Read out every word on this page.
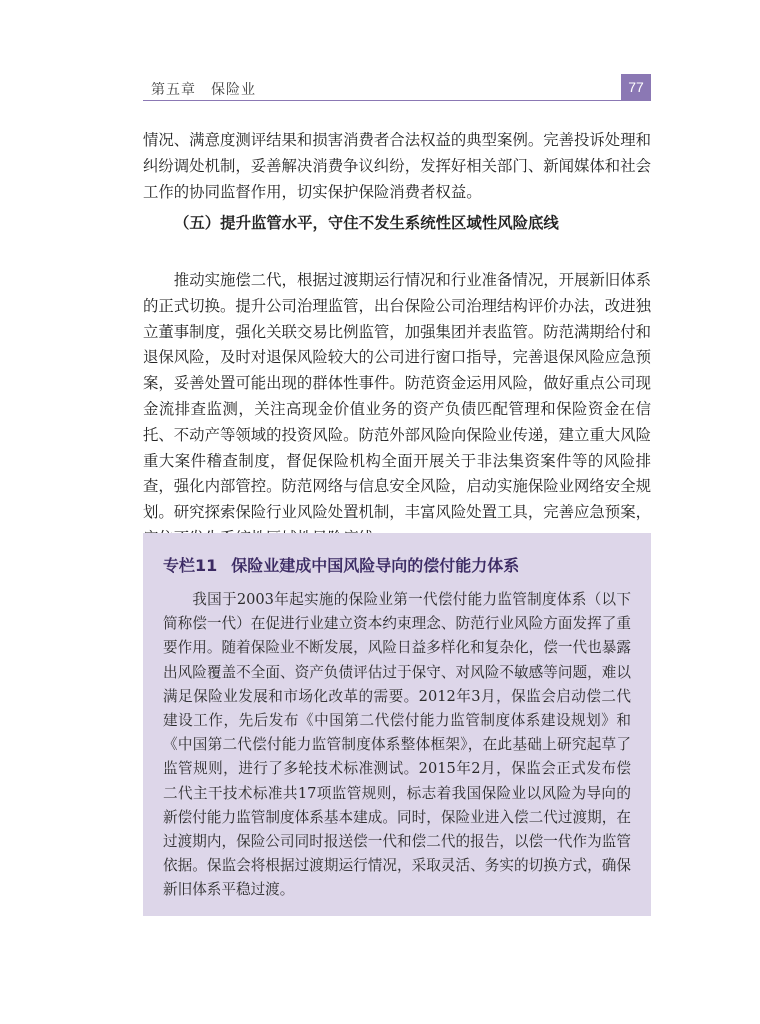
第五章　保险业	77

情况、满意度测评结果和损害消费者合法权益的典型案例。完善投诉处理和纠纷调处机制，妥善解决消费争议纠纷，发挥好相关部门、新闻媒体和社会工作的协同监督作用，切实保护保险消费者权益。

（五）提升监管水平，守住不发生系统性区域性风险底线

推动实施偿二代，根据过渡期运行情况和行业准备情况，开展新旧体系的正式切换。提升公司治理监管，出台保险公司治理结构评价办法，改进独立董事制度，强化关联交易比例监管，加强集团并表监管。防范满期给付和退保风险，及时对退保风险较大的公司进行窗口指导，完善退保风险应急预案，妥善处置可能出现的群体性事件。防范资金运用风险，做好重点公司现金流排查监测，关注高现金价值业务的资产负债匹配管理和保险资金在信托、不动产等领域的投资风险。防范外部风险向保险业传递，建立重大风险重大案件稽查制度，督促保险机构全面开展关于非法集资案件等的风险排查，强化内部管控。防范网络与信息安全风险，启动实施保险业网络安全规划。研究探索保险行业风险处置机制，丰富风险处置工具，完善应急预案，

专栏11 保险业建成中国风险导向的偿付能力体系

我国于2003年起实施的保险业第一代偿付能力监管制度体系（以下简称偿一代）在促进行业建立资本约束理念、防范行业风险方面发挥了重要作用。随着保险业不断发展，风险日益多样化和复杂化，偿一代也暴露出风险覆盖不全面、资产负债评估过于保守、对风险不敏感等问题，难以满足保险业发展和市场化改革的需要。2012年3月，保监会启动偿二代建设工作，先后发布《中国第二代偿付能力监管制度体系建设规划》和《中国第二代偿付能力监管制度体系整体框架》，在此基础上研究起草了监管规则，进行了多轮技术标准测试。2015年2月，保监会正式发布偿二代主干技术标准共17项监管规则，标志着我国保险业以风险为导向的新偿付能力监管制度体系基本建成。同时，保险业进入偿二代过渡期，在过渡期内，保险公司同时报送偿一代和偿二代的报告，以偿一代作为监管依据。保监会将根据过渡期运行情况，采取灵活、务实的切换方式，确保新旧体系平稳过渡。
